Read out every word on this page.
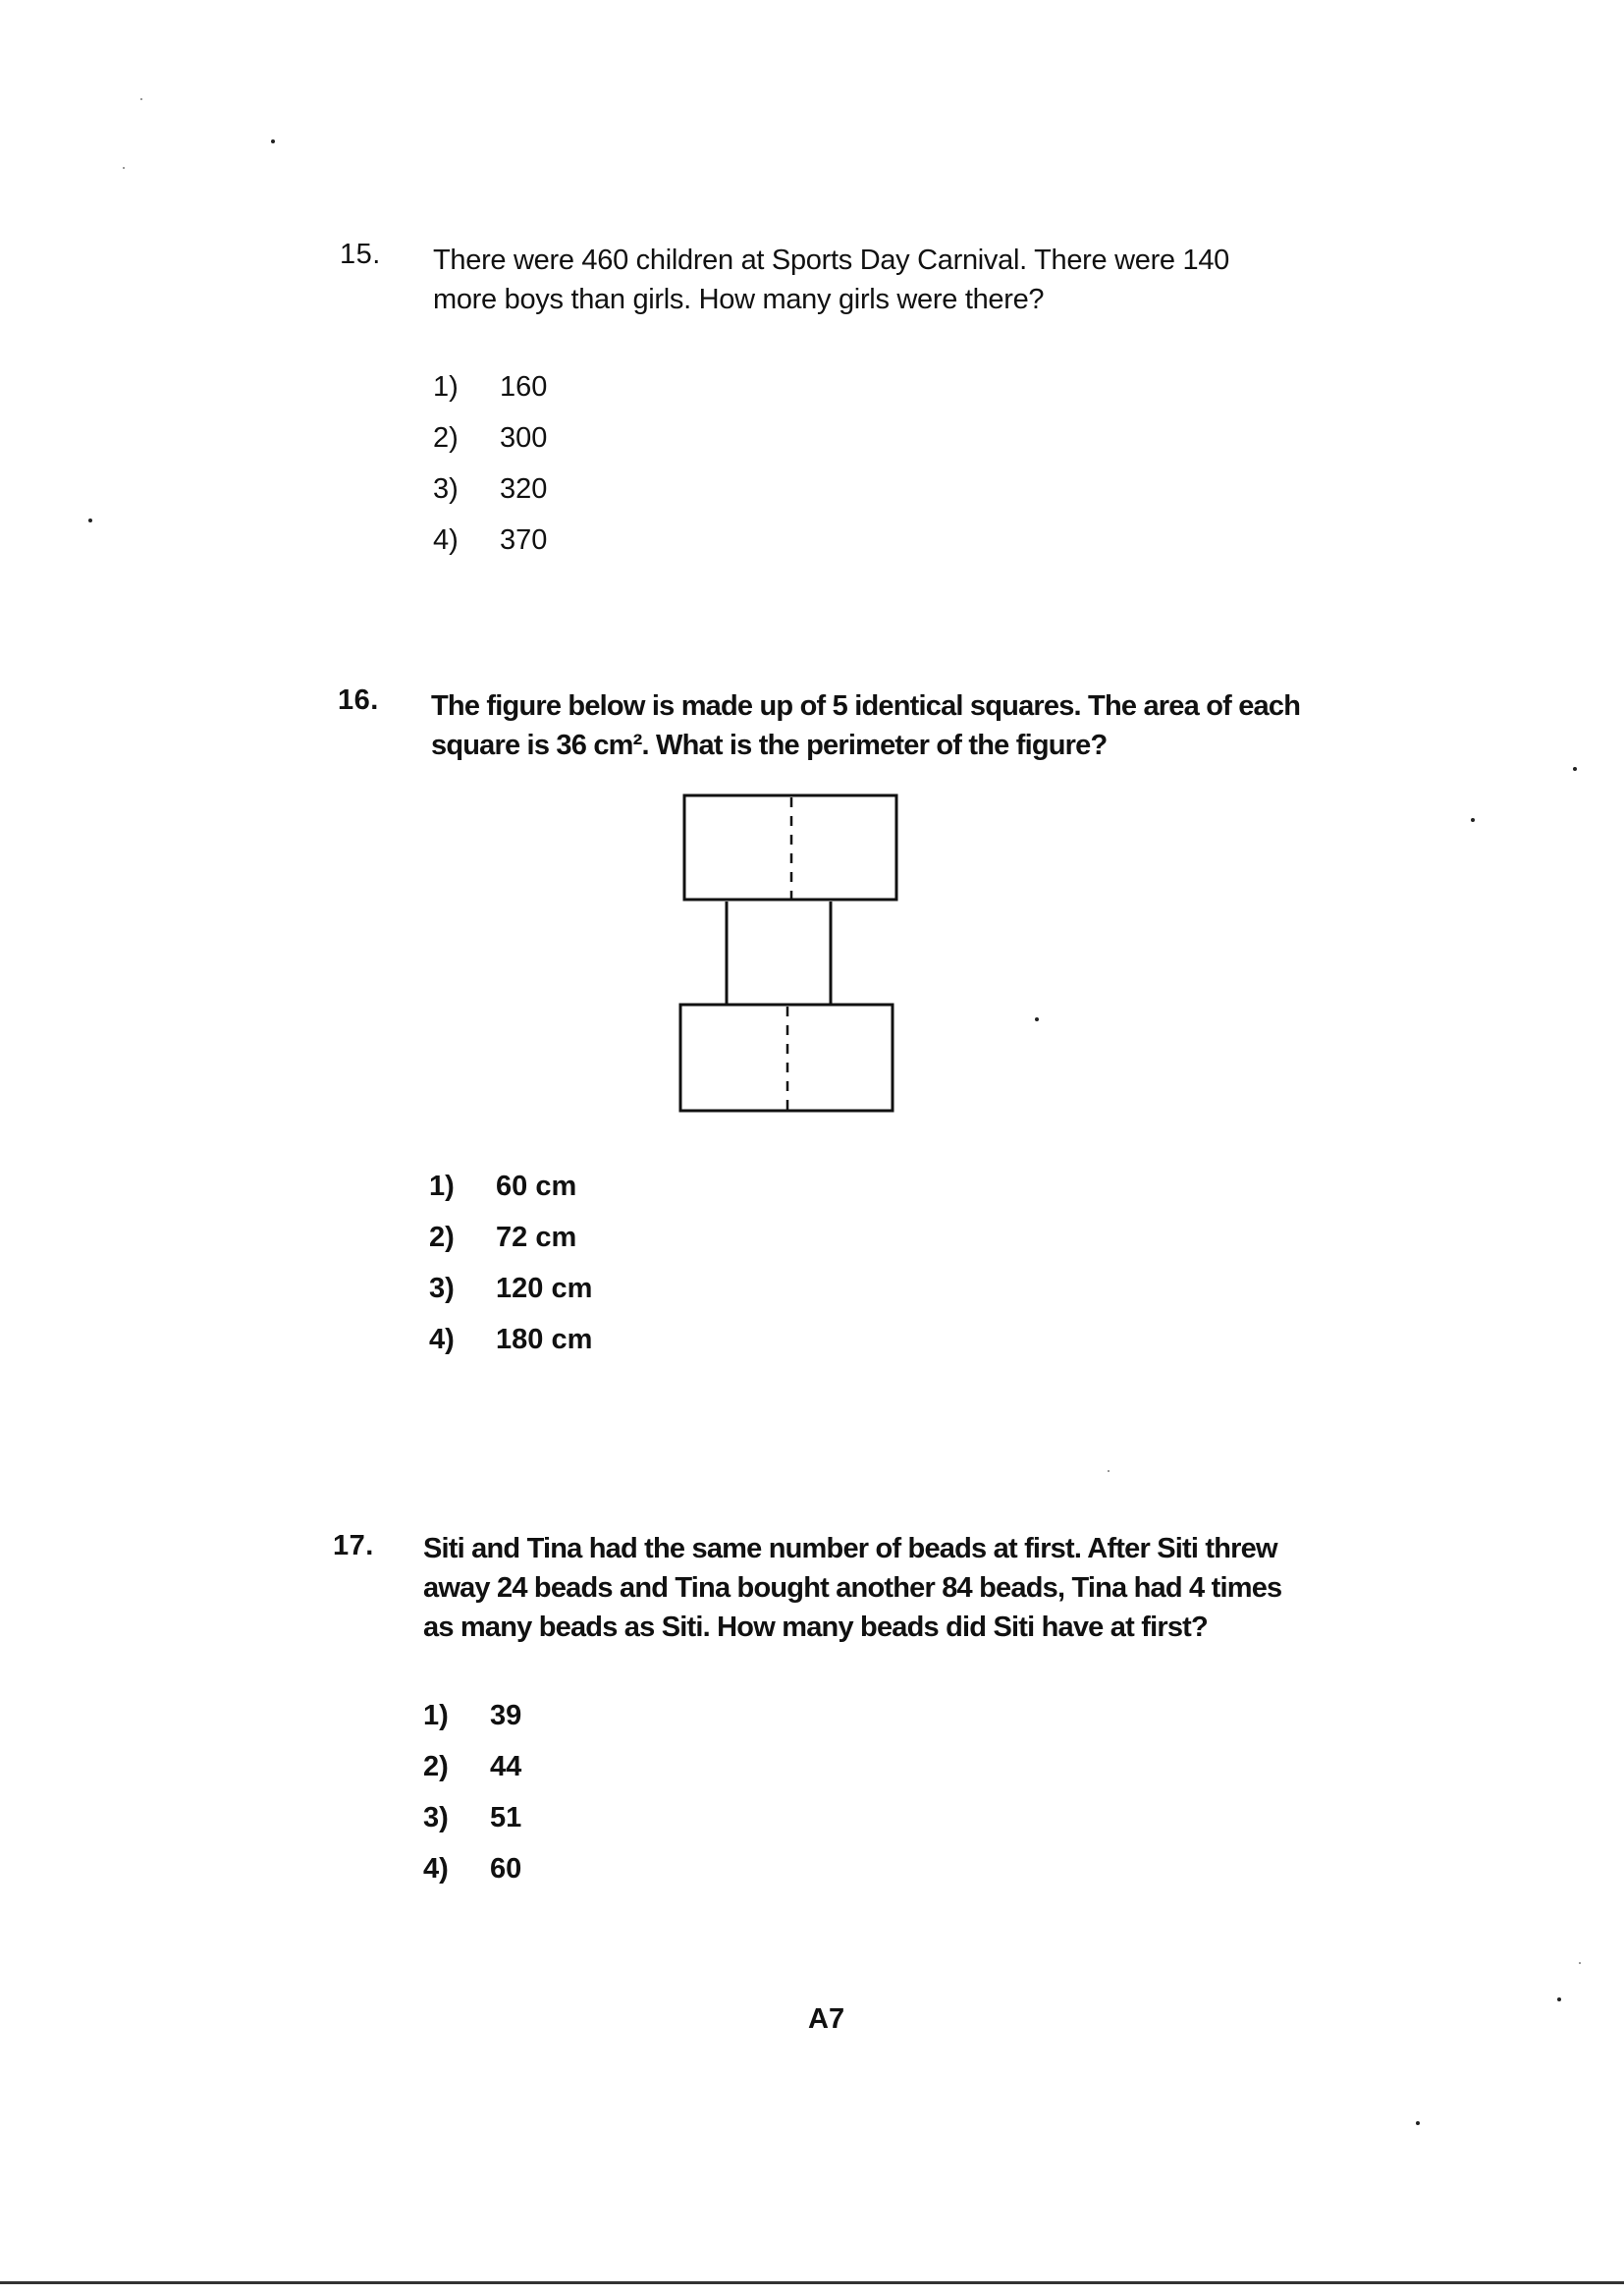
15. There were 460 children at Sports Day Carnival. There were 140
more boys than girls. How many girls were there?
1) 160
2) 300
3) 320
4) 370
16. The figure below is made up of 5 identical squares. The area of each
square is 36 cm². What is the perimeter of the figure?
1) 60 cm
2) 72 cm
3) 120 cm
4) 180 cm
17. Siti and Tina had the same number of beads at first. After Siti threw
away 24 beads and Tina bought another 84 beads, Tina had 4 times
as many beads as Siti. How many beads did Siti have at first?
1) 39
2) 44
3) 51
4) 60
A7
